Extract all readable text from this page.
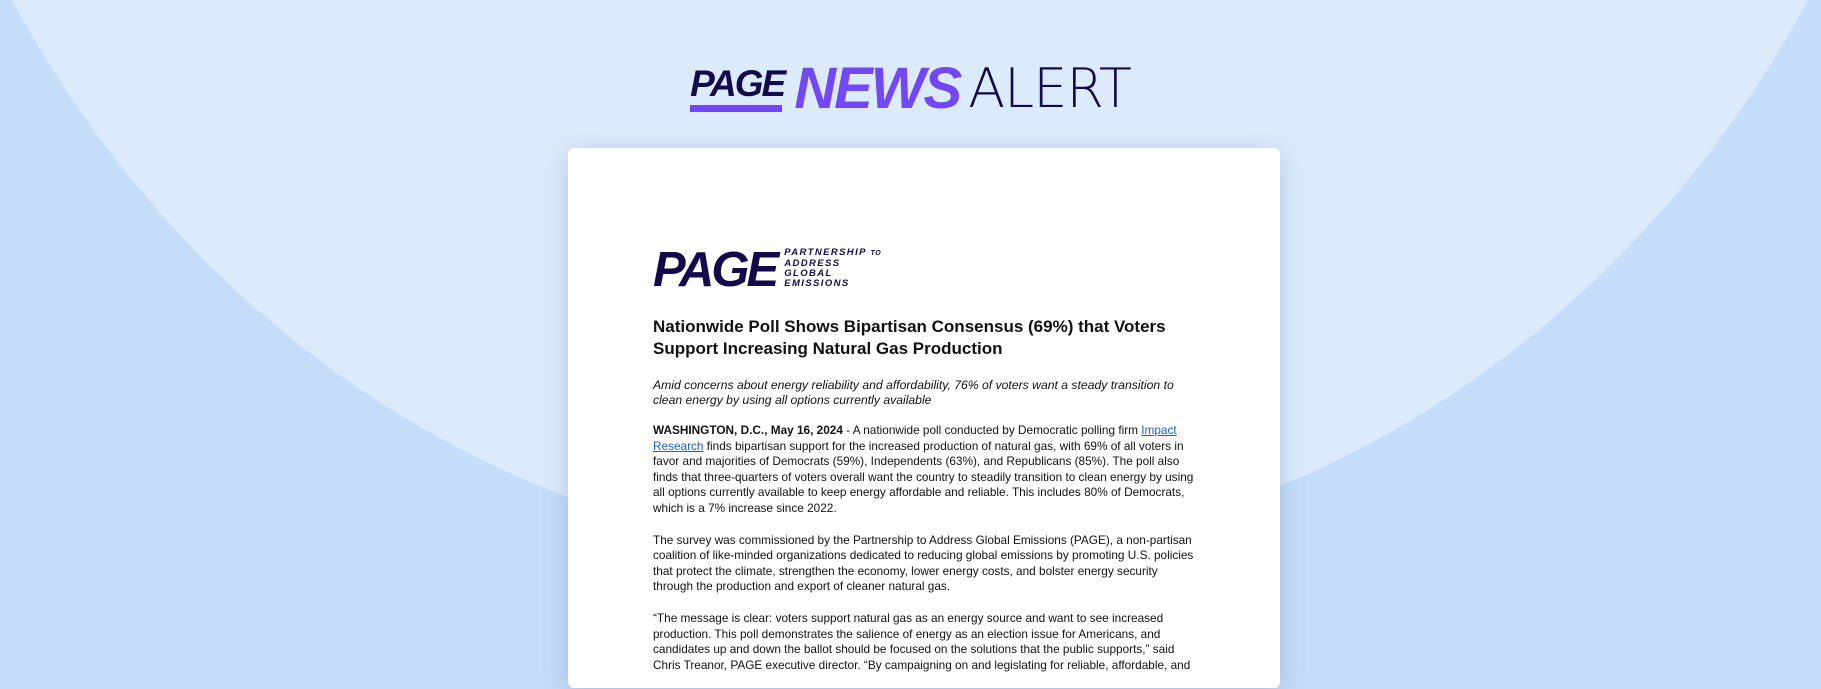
PAGE NEWS ALERT
PAGE PARTNERSHIP TO
ADDRESS
GLOBAL
EMISSIONS

Nationwide Poll Shows Bipartisan Consensus (69%) that Voters Support Increasing Natural Gas Production

Amid concerns about energy reliability and affordability, 76% of voters want a steady transition to clean energy by using all options currently available

WASHINGTON, D.C., May 16, 2024 - A nationwide poll conducted by Democratic polling firm Impact Research finds bipartisan support for the increased production of natural gas, with 69% of all voters in favor and majorities of Democrats (59%), Independents (63%), and Republicans (85%). The poll also finds that three-quarters of voters overall want the country to steadily transition to clean energy by using all options currently available to keep energy affordable and reliable. This includes 80% of Democrats, which is a 7% increase since 2022.

The survey was commissioned by the Partnership to Address Global Emissions (PAGE), a non-partisan coalition of like-minded organizations dedicated to reducing global emissions by promoting U.S. policies that protect the climate, strengthen the economy, lower energy costs, and bolster energy security through the production and export of cleaner natural gas.

“The message is clear: voters support natural gas as an energy source and want to see increased production. This poll demonstrates the salience of energy as an election issue for Americans, and candidates up and down the ballot should be focused on the solutions that the public supports,” said Chris Treanor, PAGE executive director. “By campaigning on and legislating for reliable, affordable, and
